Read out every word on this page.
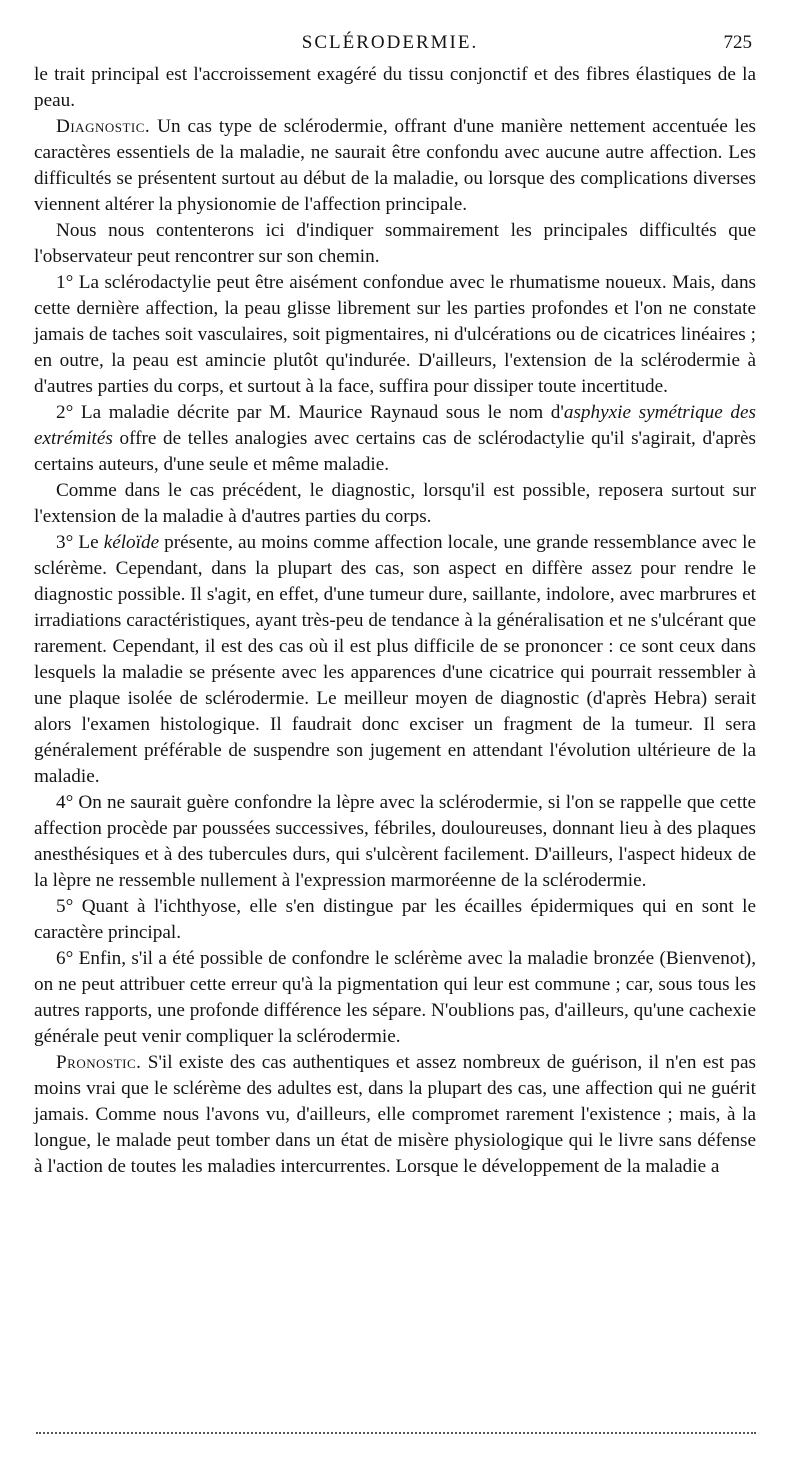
SCLÉRODERMIE.	725

le trait principal est l'accroissement exagéré du tissu conjonctif et des fibres élastiques de la peau.

Diagnostic. Un cas type de sclérodermie, offrant d'une manière nettement accentuée les caractères essentiels de la maladie, ne saurait être confondu avec aucune autre affection. Les difficultés se présentent surtout au début de la maladie, ou lorsque des complications diverses viennent altérer la physionomie de l'affection principale.

Nous nous contenterons ici d'indiquer sommairement les principales difficultés que l'observateur peut rencontrer sur son chemin.

1° La sclérodactylie peut être aisément confondue avec le rhumatisme noueux. Mais, dans cette dernière affection, la peau glisse librement sur les parties profondes et l'on ne constate jamais de taches soit vasculaires, soit pigmentaires, ni d'ulcérations ou de cicatrices linéaires ; en outre, la peau est amincie plutôt qu'indurée. D'ailleurs, l'extension de la sclérodermie à d'autres parties du corps, et surtout à la face, suffira pour dissiper toute incertitude.

2° La maladie décrite par M. Maurice Raynaud sous le nom d'asphyxie symétrique des extrémités offre de telles analogies avec certains cas de sclérodactylie qu'il s'agirait, d'après certains auteurs, d'une seule et même maladie.

Comme dans le cas précédent, le diagnostic, lorsqu'il est possible, reposera surtout sur l'extension de la maladie à d'autres parties du corps.

3° Le kéloïde présente, au moins comme affection locale, une grande ressemblance avec le sclérème. Cependant, dans la plupart des cas, son aspect en diffère assez pour rendre le diagnostic possible. Il s'agit, en effet, d'une tumeur dure, saillante, indolore, avec marbrures et irradiations caractéristiques, ayant très-peu de tendance à la généralisation et ne s'ulcérant que rarement. Cependant, il est des cas où il est plus difficile de se prononcer : ce sont ceux dans lesquels la maladie se présente avec les apparences d'une cicatrice qui pourrait ressembler à une plaque isolée de sclérodermie. Le meilleur moyen de diagnostic (d'après Hebra) serait alors l'examen histologique. Il faudrait donc exciser un fragment de la tumeur. Il sera généralement préférable de suspendre son jugement en attendant l'évolution ultérieure de la maladie.

4° On ne saurait guère confondre la lèpre avec la sclérodermie, si l'on se rappelle que cette affection procède par poussées successives, fébriles, douloureuses, donnant lieu à des plaques anesthésiques et à des tubercules durs, qui s'ulcèrent facilement. D'ailleurs, l'aspect hideux de la lèpre ne ressemble nullement à l'expression marmoréenne de la sclérodermie.

5° Quant à l'ichthyose, elle s'en distingue par les écailles épidermiques qui en sont le caractère principal.

6° Enfin, s'il a été possible de confondre le sclérème avec la maladie bronzée (Bienvenot), on ne peut attribuer cette erreur qu'à la pigmentation qui leur est commune ; car, sous tous les autres rapports, une profonde différence les sépare. N'oublions pas, d'ailleurs, qu'une cachexie générale peut venir compliquer la sclérodermie.

Pronostic. S'il existe des cas authentiques et assez nombreux de guérison, il n'en est pas moins vrai que le sclérème des adultes est, dans la plupart des cas, une affection qui ne guérit jamais. Comme nous l'avons vu, d'ailleurs, elle compromet rarement l'existence ; mais, à la longue, le malade peut tomber dans un état de misère physiologique qui le livre sans défense à l'action de toutes les maladies intercurrentes. Lorsque le développement de la maladie a
